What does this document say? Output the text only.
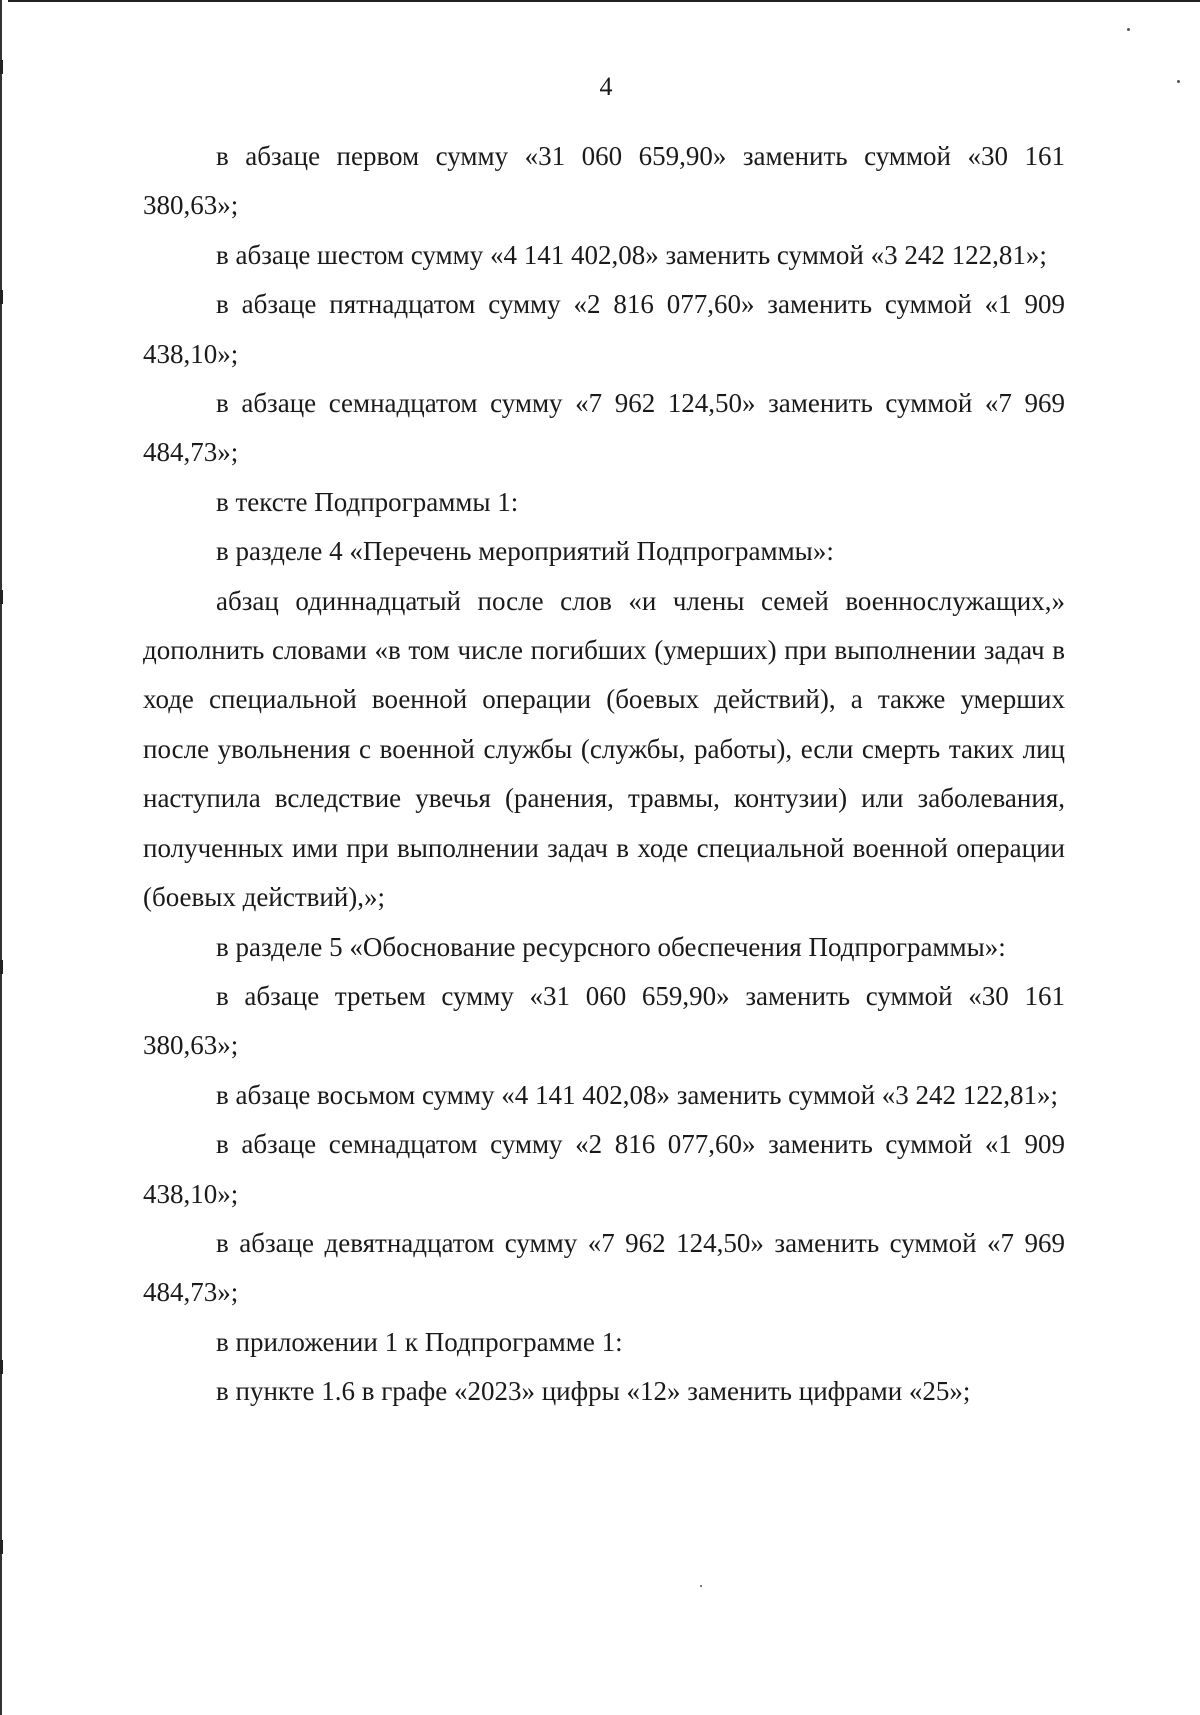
4

в абзаце первом сумму «31 060 659,90» заменить суммой «30 161 380,63»;

в абзаце шестом сумму «4 141 402,08» заменить суммой «3 242 122,81»;

в абзаце пятнадцатом сумму «2 816 077,60» заменить суммой «1 909 438,10»;

в абзаце семнадцатом сумму «7 962 124,50» заменить суммой «7 969 484,73»;

в тексте Подпрограммы 1:

в разделе 4 «Перечень мероприятий Подпрограммы»:

абзац одиннадцатый после слов «и члены семей военнослужащих,» дополнить словами «в том числе погибших (умерших) при выполнении задач в ходе специальной военной операции (боевых действий), а также умерших после увольнения с военной службы (службы, работы), если смерть таких лиц наступила вследствие увечья (ранения, травмы, контузии) или заболевания, полученных ими при выполнении задач в ходе специальной военной операции (боевых действий),»;

в разделе 5 «Обоснование ресурсного обеспечения Подпрограммы»:

в абзаце третьем сумму «31 060 659,90» заменить суммой «30 161 380,63»;

в абзаце восьмом сумму «4 141 402,08» заменить суммой «3 242 122,81»;

в абзаце семнадцатом сумму «2 816 077,60» заменить суммой «1 909 438,10»;

в абзаце девятнадцатом сумму «7 962 124,50» заменить суммой «7 969 484,73»;

в приложении 1 к Подпрограмме 1:

в пункте 1.6 в графе «2023» цифры «12» заменить цифрами «25»;
